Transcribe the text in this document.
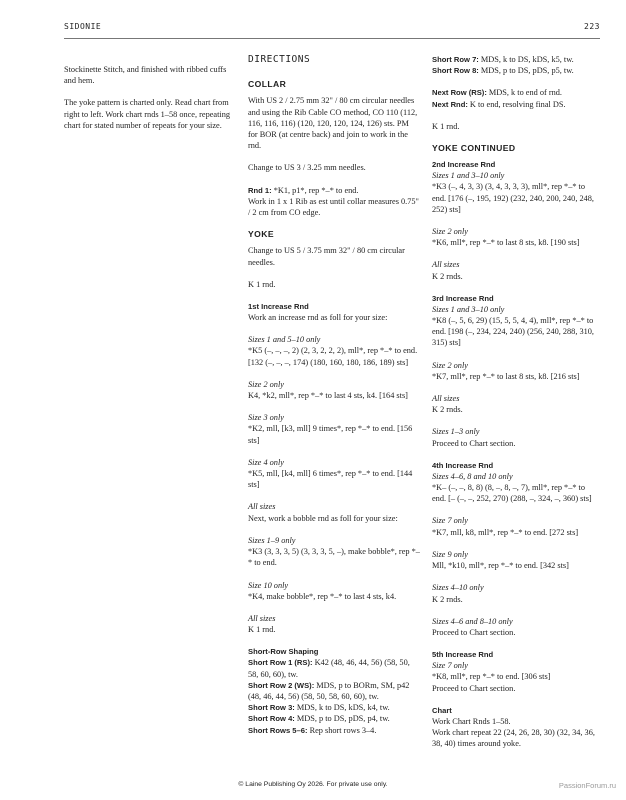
SIDONIE	223

Stockinette Stitch, and finished with ribbed cuffs and hem.

The yoke pattern is charted only. Read chart from right to left. Work chart rnds 1–58 once, repeating chart for stated number of repeats for your size.

DIRECTIONS
COLLAR

With US 2 / 2.75 mm 32" / 80 cm circular needles and using the Rib Cable CO method, CO 110 (112, 116, 116, 116) (120, 120, 120, 124, 126) sts. PM for BOR (at centre back) and join to work in the rnd.

Change to US 3 / 3.25 mm needles.

Rnd 1: *K1, p1*, rep *–* to end.
Work in 1 x 1 Rib as est until collar measures 0.75" / 2 cm from CO edge.

YOKE

Change to US 5 / 3.75 mm 32" / 80 cm circular needles.

K 1 rnd.

1st Increase Rnd

Work an increase rnd as foll for your size:

Sizes 1 and 5–10 only
*K5 (–, –, –, 2) (2, 3, 2, 2, 2), mll*, rep *–* to end. [132 (–, –, –, 174) (180, 160, 180, 186, 189) sts]

Size 2 only
K4, *k2, mll*, rep *–* to last 4 sts, k4. [164 sts]

Size 3 only
*K2, mll, [k3, mll] 9 times*, rep *–* to end. [156 sts]

Size 4 only
*K5, mll, [k4, mll] 6 times*, rep *–* to end. [144 sts]

All sizes
Next, work a bobble rnd as foll for your size:

Sizes 1–9 only
*K3 (3, 3, 3, 5) (3, 3, 3, 5, –), make bobble*, rep *–* to end.

Size 10 only
*K4, make bobble*, rep *–* to last 4 sts, k4.

All sizes
K 1 rnd.

Short-Row Shaping

Short Row 1 (RS): K42 (48, 46, 44, 56) (58, 50, 58, 60, 60), tw.

Short Row 2 (WS): MDS, p to BORm, SM, p42 (48, 46, 44, 56) (58, 50, 58, 60, 60), tw.

Short Row 3: MDS, k to DS, kDS, k4, tw.

Short Row 4: MDS, p to DS, pDS, p4, tw.

Short Rows 5–6: Rep short rows 3–4.

Short Row 7: MDS, k to DS, kDS, k5, tw.

Short Row 8: MDS, p to DS, pDS, p5, tw.

Next Row (RS): MDS, k to end of rnd.

Next Rnd: K to end, resolving final DS.

K 1 rnd.

YOKE CONTINUED
2nd Increase Rnd

Sizes 1 and 3–10 only
*K3 (–, 4, 3, 3) (3, 4, 3, 3, 3), mll*, rep *–* to end. [176 (–, 195, 192) (232, 240, 200, 240, 248, 252) sts]

Size 2 only
*K6, mll*, rep *–* to last 8 sts, k8. [190 sts]

All sizes
K 2 rnds.

3rd Increase Rnd

Sizes 1 and 3–10 only
*K8 (–, 5, 6, 29) (15, 5, 5, 4, 4), mll*, rep *–* to end. [198 (–, 234, 224, 240) (256, 240, 288, 310, 315) sts]

Size 2 only
*K7, mll*, rep *–* to last 8 sts, k8. [216 sts]

All sizes
K 2 rnds.

Sizes 1–3 only
Proceed to Chart section.

4th Increase Rnd

Sizes 4–6, 8 and 10 only
*K– (–, –, 8, 8) (8, –, 8, –, 7), mll*, rep *–* to end. [– (–, –, 252, 270) (288, –, 324, –, 360) sts]

Size 7 only
*K7, mll, k8, mll*, rep *–* to end. [272 sts]

Size 9 only
Mll, *k10, mll*, rep *–* to end. [342 sts]

Sizes 4–10 only
K 2 rnds.

Sizes 4–6 and 8–10 only
Proceed to Chart section.

5th Increase Rnd

Size 7 only
*K8, mll*, rep *–* to end. [306 sts]
Proceed to Chart section.

Chart

Work Chart Rnds 1–58.

Work chart repeat 22 (24, 26, 28, 30) (32, 34, 36, 38, 40) times around yoke.

© Laine Publishing Oy 2026. For private use only.	PassionForum.ru
